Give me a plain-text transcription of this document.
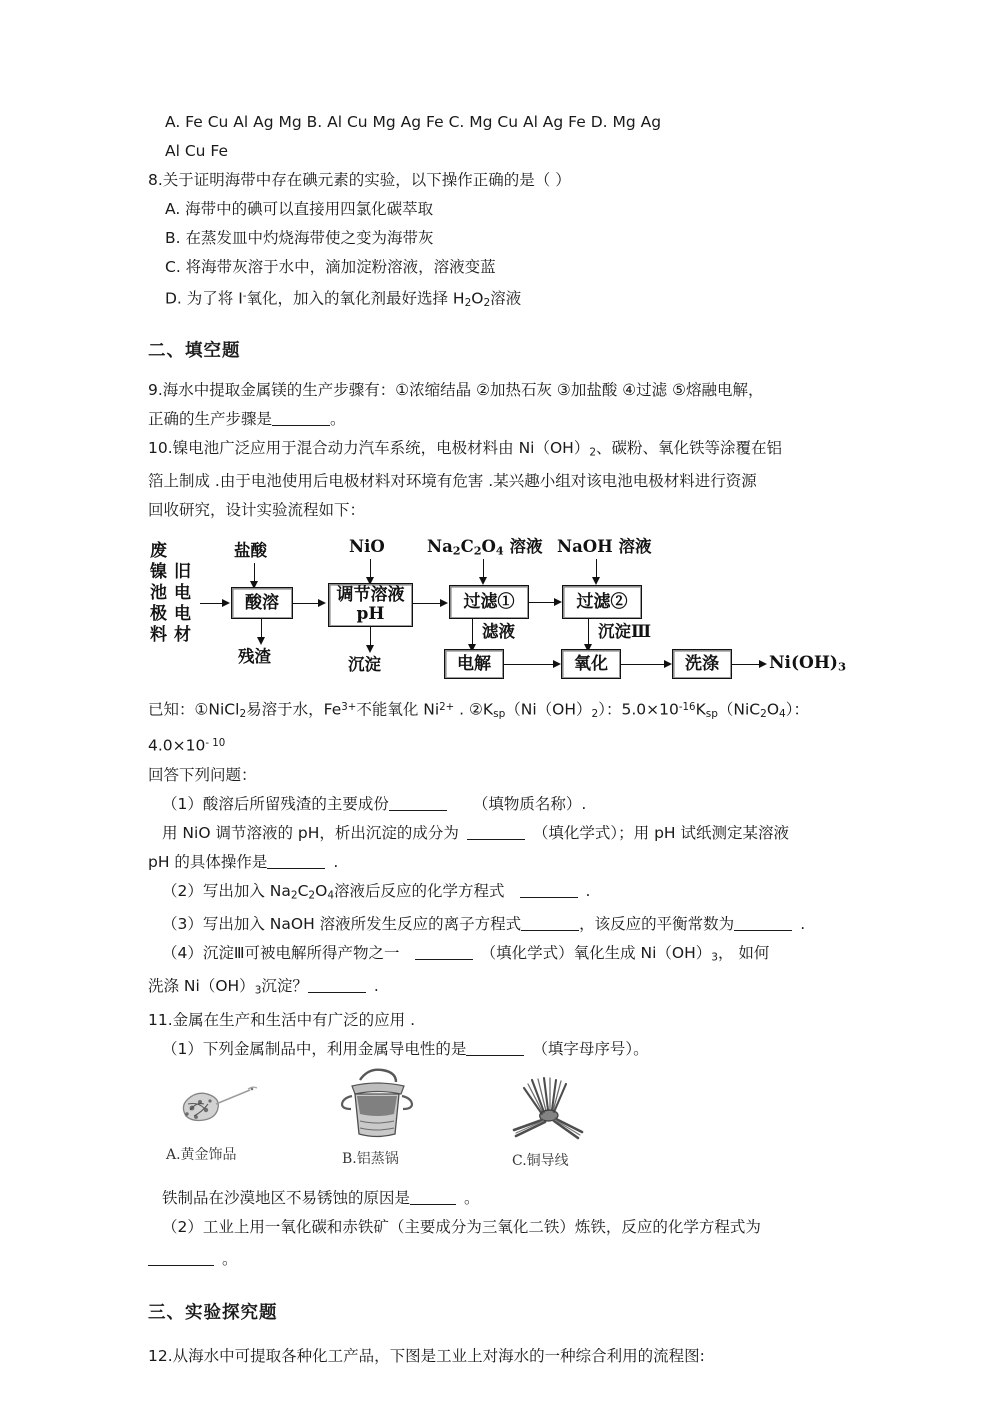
A. Fe Cu Al Ag Mg B. Al Cu Mg Ag Fe C. Mg Cu Al Ag Fe D. Mg Ag
Al Cu Fe
8.关于证明海带中存在碘元素的实验，以下操作正确的是（ ）
A. 海带中的碘可以直接用四氯化碳萃取
B. 在蒸发皿中灼烧海带使之变为海带灰
C. 将海带灰溶于水中，滴加淀粉溶液，溶液变蓝
D. 为了将 I-氧化，加入的氧化剂最好选择 $H_2O_2$溶液
二、填空题
9.海水中提取金属镁的生产步骤有：①浓缩结晶 ②加热石灰 ③加盐酸 ④过滤 ⑤熔融电解，
正确的生产步骤是	。
10.镍电池广泛应用于混合动力汽车系统，电极材料由 $Ni(OH)_2$、碳粉、氧化铁等涂覆在铝
箔上制成 .由于电池使用后电极材料对环境有危害 .某兴趣小组对该电池电极材料进行资源
回收研究，设计实验流程如下：
废镍池极料
旧电电材
盐酸
酸溶
残渣
NiO
调节溶液 pH
沉淀
$Na_2C_2O_4$ 溶液
过滤①
滤液
NaOH 溶液
过滤②
沉淀Ⅲ
电解	氧化	洗涤	$Ni(OH)_3$
已知：①NiCl$_2$易溶于水，$Fe^{3+}$不能氧化 $Ni^{2+}$ . $②K_{sp}(Ni(OH)_2)$：$5.0\times 10^{-16}K_{sp}(NiC_2O_4)$：
$4.0\times 10^{- 10}$
回答下列问题：
（1）酸溶后所留残渣的主要成份	（填物质名称）.
用 NiO 调节溶液的 pH，析出沉淀的成分为	（填化学式）；用 pH 试纸测定某溶液
pH 的具体操作是	.
（2）写出加入 $Na_2C_2O_4$溶液后反应的化学方程式	.
（3）写出加入 NaOH 溶液所发生反应的离子方程式	，该反应的平衡常数为	.
（4）沉淀Ⅲ可被电解所得产物之一	（填化学式）氧化生成 $Ni(OH)_3$， 如何
洗涤 $Ni(OH)_3$沉淀？	.
11.金属在生产和生活中有广泛的应用 .
（1）下列金属制品中，利用金属导电性的是	（填字母序号）。
A.黄金饰品	B.铝蒸锅	C.铜导线
铁制品在沙漠地区不易锈蚀的原因是	。
（2）工业上用一氧化碳和赤铁矿（主要成分为三氧化二铁）炼铁，反应的化学方程式为
。
三、实验探究题
12.从海水中可提取各种化工产品，下图是工业上对海水的一种综合利用的流程图:
